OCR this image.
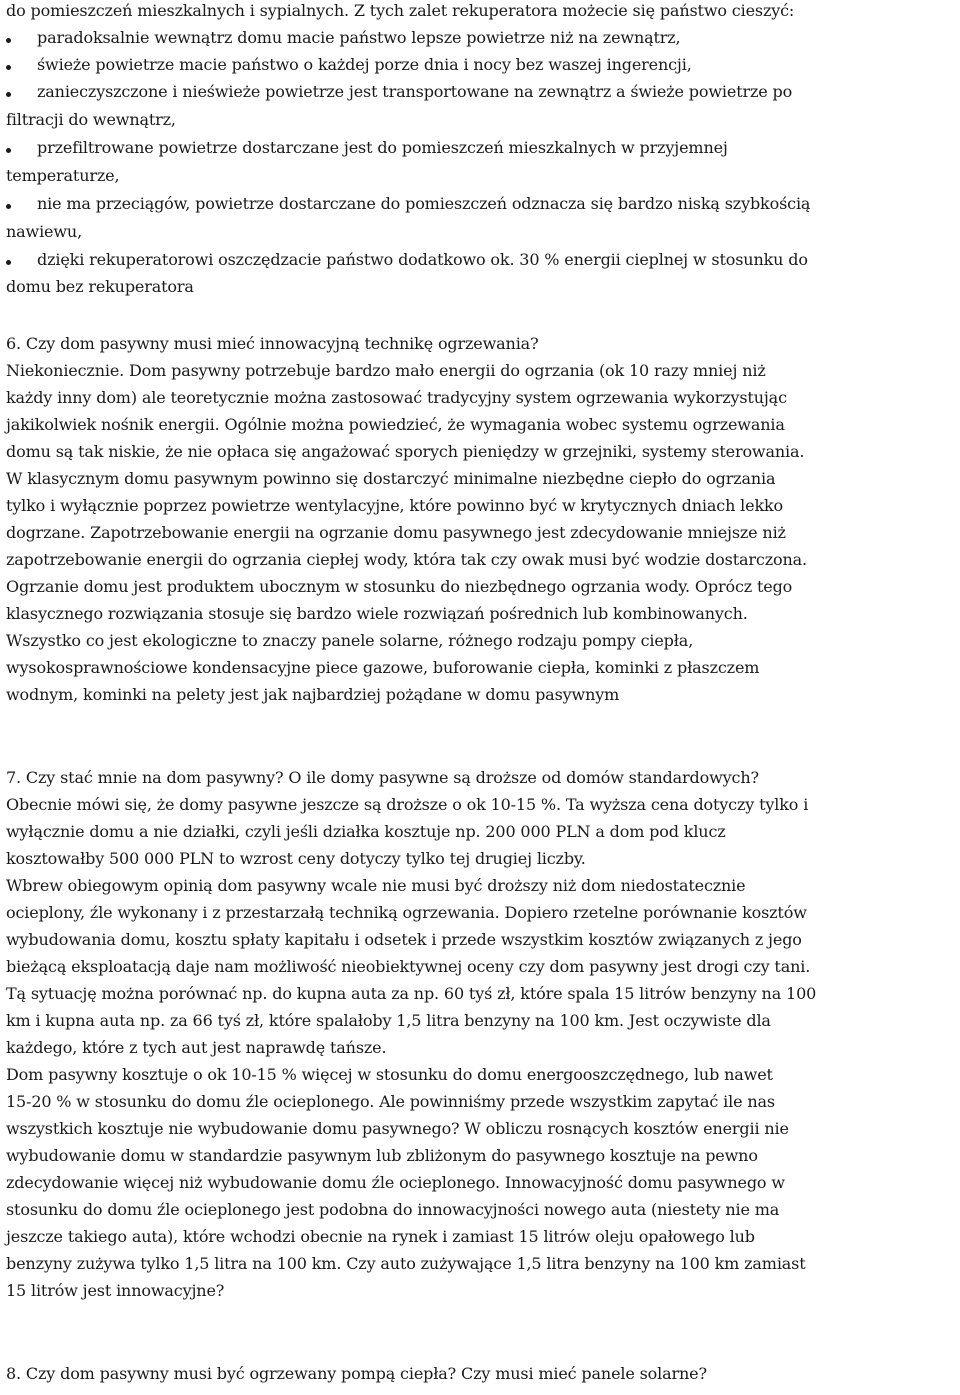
do pomieszczeń mieszkalnych i sypialnych. Z tych zalet rekuperatora możecie się państwo cieszyć:
paradoksalnie wewnątrz domu macie państwo lepsze powietrze niż na zewnątrz,
świeże powietrze macie państwo o każdej porze dnia i nocy bez waszej ingerencji,
zanieczyszczone i nieświeże powietrze jest transportowane na zewnątrz a świeże powietrze po
filtracji do wewnątrz,
przefiltrowane powietrze dostarczane jest do pomieszczeń mieszkalnych w przyjemnej
temperaturze,
nie ma przeciągów, powietrze dostarczane do pomieszczeń odznacza się bardzo niską szybkością
nawiewu,
dzięki rekuperatorowi oszczędzacie państwo dodatkowo ok. 30 % energii cieplnej w stosunku do
domu bez rekuperatora
6. Czy dom pasywny musi mieć innowacyjną technikę ogrzewania?
Niekoniecznie. Dom pasywny potrzebuje bardzo mało energii do ogrzania (ok 10 razy mniej niż
każdy inny dom) ale teoretycznie można zastosować tradycyjny system ogrzewania wykorzystując
jakikolwiek nośnik energii. Ogólnie można powiedzieć, że wymagania wobec systemu ogrzewania
domu są tak niskie, że nie opłaca się angażować sporych pieniędzy w grzejniki, systemy sterowania.
W klasycznym domu pasywnym powinno się dostarczyć minimalne niezbędne ciepło do ogrzania
tylko i wyłącznie poprzez powietrze wentylacyjne, które powinno być w krytycznych dniach lekko
dogrzane. Zapotrzebowanie energii na ogrzanie domu pasywnego jest zdecydowanie mniejsze niż
zapotrzebowanie energii do ogrzania ciepłej wody, która tak czy owak musi być wodzie dostarczona.
Ogrzanie domu jest produktem ubocznym w stosunku do niezbędnego ogrzania wody. Oprócz tego
klasycznego rozwiązania stosuje się bardzo wiele rozwiązań pośrednich lub kombinowanych.
Wszystko co jest ekologiczne to znaczy panele solarne, różnego rodzaju pompy ciepła,
wysokosprawnościowe kondensacyjne piece gazowe, buforowanie ciepła, kominki z płaszczem
wodnym, kominki na pelety jest jak najbardziej pożądane w domu pasywnym
7. Czy stać mnie na dom pasywny? O ile domy pasywne są droższe od domów standardowych?
Obecnie mówi się, że domy pasywne jeszcze są droższe o ok 10-15 %. Ta wyższa cena dotyczy tylko i
wyłącznie domu a nie działki, czyli jeśli działka kosztuje np. 200 000 PLN a dom pod klucz
kosztowałby 500 000 PLN to wzrost ceny dotyczy tylko tej drugiej liczby.
Wbrew obiegowym opinią dom pasywny wcale nie musi być droższy niż dom niedostatecznie
ocieplony, źle wykonany i z przestarzałą techniką ogrzewania. Dopiero rzetelne porównanie kosztów
wybudowania domu, kosztu spłaty kapitału i odsetek i przede wszystkim kosztów związanych z jego
bieżącą eksploatacją daje nam możliwość nieobiektywnej oceny czy dom pasywny jest drogi czy tani.
Tą sytuację można porównać np. do kupna auta za np. 60 tyś zł, które spala 15 litrów benzyny na 100
km i kupna auta np. za 66 tyś zł, które spalałoby 1,5 litra benzyny na 100 km. Jest oczywiste dla
każdego, które z tych aut jest naprawdę tańsze.
Dom pasywny kosztuje o ok 10-15 % więcej w stosunku do domu energooszczędnego, lub nawet
15-20 % w stosunku do domu źle ocieplonego. Ale powinniśmy przede wszystkim zapytać ile nas
wszystkich kosztuje nie wybudowanie domu pasywnego? W obliczu rosnących kosztów energii nie
wybudowanie domu w standardzie pasywnym lub zbliżonym do pasywnego kosztuje na pewno
zdecydowanie więcej niż wybudowanie domu źle ocieplonego. Innowacyjność domu pasywnego w
stosunku do domu źle ocieplonego jest podobna do innowacyjności nowego auta (niestety nie ma
jeszcze takiego auta), które wchodzi obecnie na rynek i zamiast 15 litrów oleju opałowego lub
benzyny zużywa tylko 1,5 litra na 100 km. Czy auto zużywające 1,5 litra benzyny na 100 km zamiast
15 litrów jest innowacyjne?
8. Czy dom pasywny musi być ogrzewany pompą ciepła? Czy musi mieć panele solarne?
